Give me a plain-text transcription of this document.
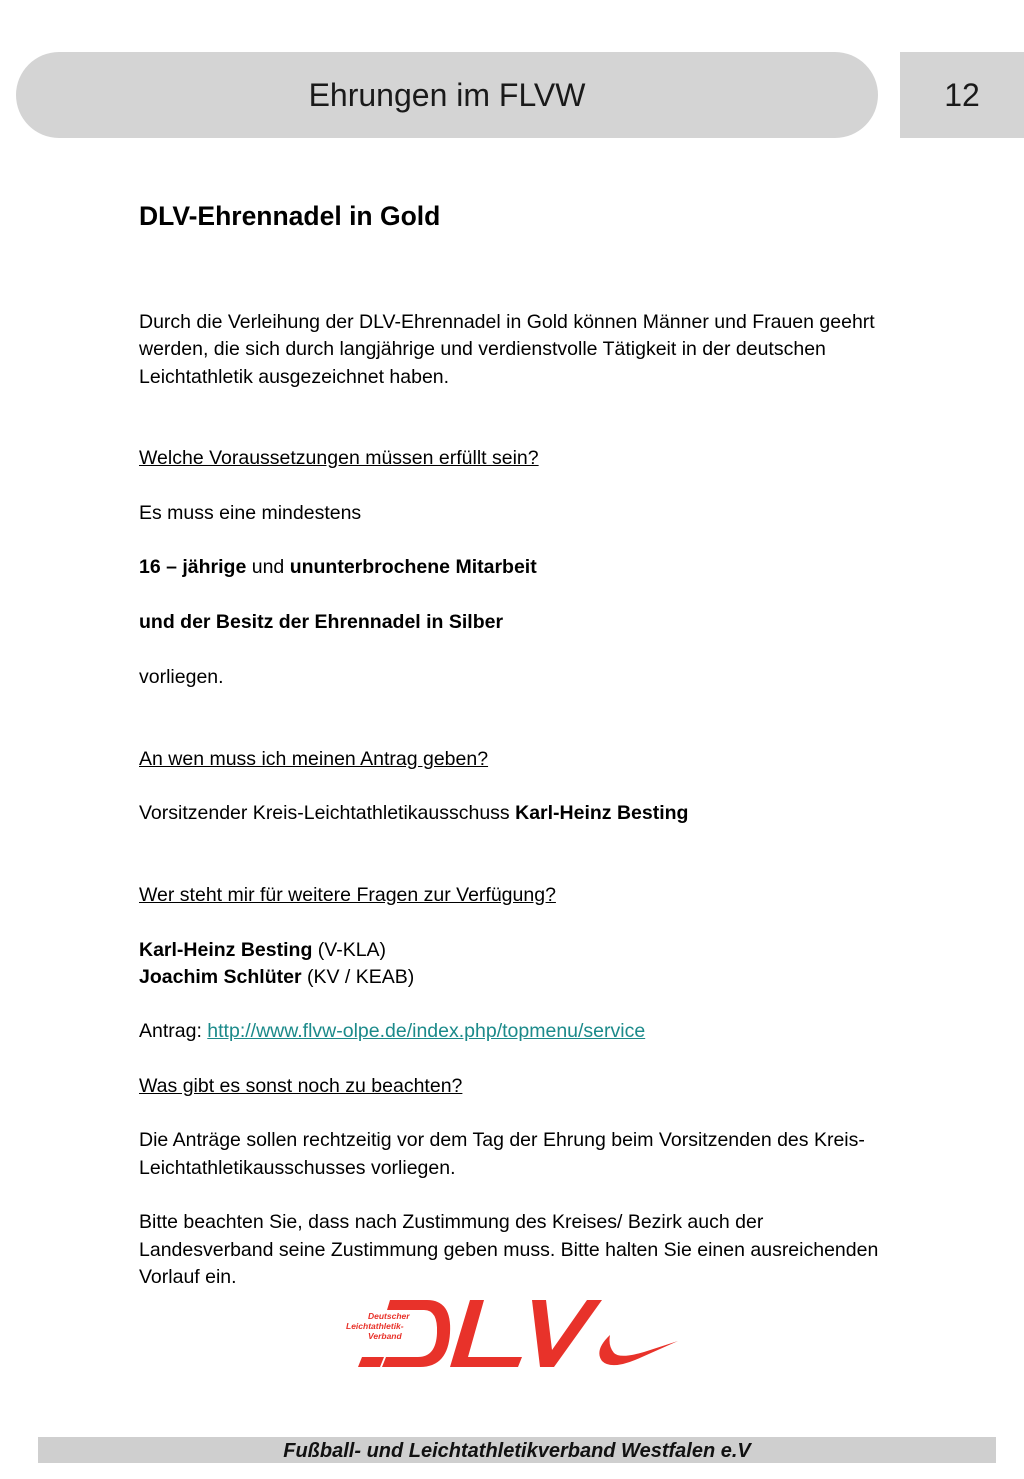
Ehrungen im FLVW	12
DLV-Ehrennadel in Gold
Durch die Verleihung der DLV-Ehrennadel in Gold können Männer und Frauen geehrt
werden, die sich durch langjährige und verdienstvolle Tätigkeit in der deutschen
Leichtathletik ausgezeichnet haben.
Welche Voraussetzungen müssen erfüllt sein?
Es muss eine mindestens
16 – jährige und ununterbrochene Mitarbeit
und der Besitz der Ehrennadel in Silber
vorliegen.
An wen muss ich meinen Antrag geben?
Vorsitzender Kreis-Leichtathletikausschuss Karl-Heinz Besting
Wer steht mir für weitere Fragen zur Verfügung?
Karl-Heinz Besting (V-KLA)
Joachim Schlüter (KV / KEAB)
Antrag: http://www.flvw-olpe.de/index.php/topmenu/service
Was gibt es sonst noch zu beachten?
Die Anträge sollen rechtzeitig vor dem Tag der Ehrung beim Vorsitzenden des Kreis-
Leichtathletikausschusses vorliegen.
Bitte beachten Sie, dass nach Zustimmung des Kreises/ Bezirk auch der
Landesverband seine Zustimmung geben muss. Bitte halten Sie einen ausreichenden
Vorlauf ein.
Deutscher
Leichtathletik-
Verband
Fußball- und Leichtathletikverband Westfalen e.V
